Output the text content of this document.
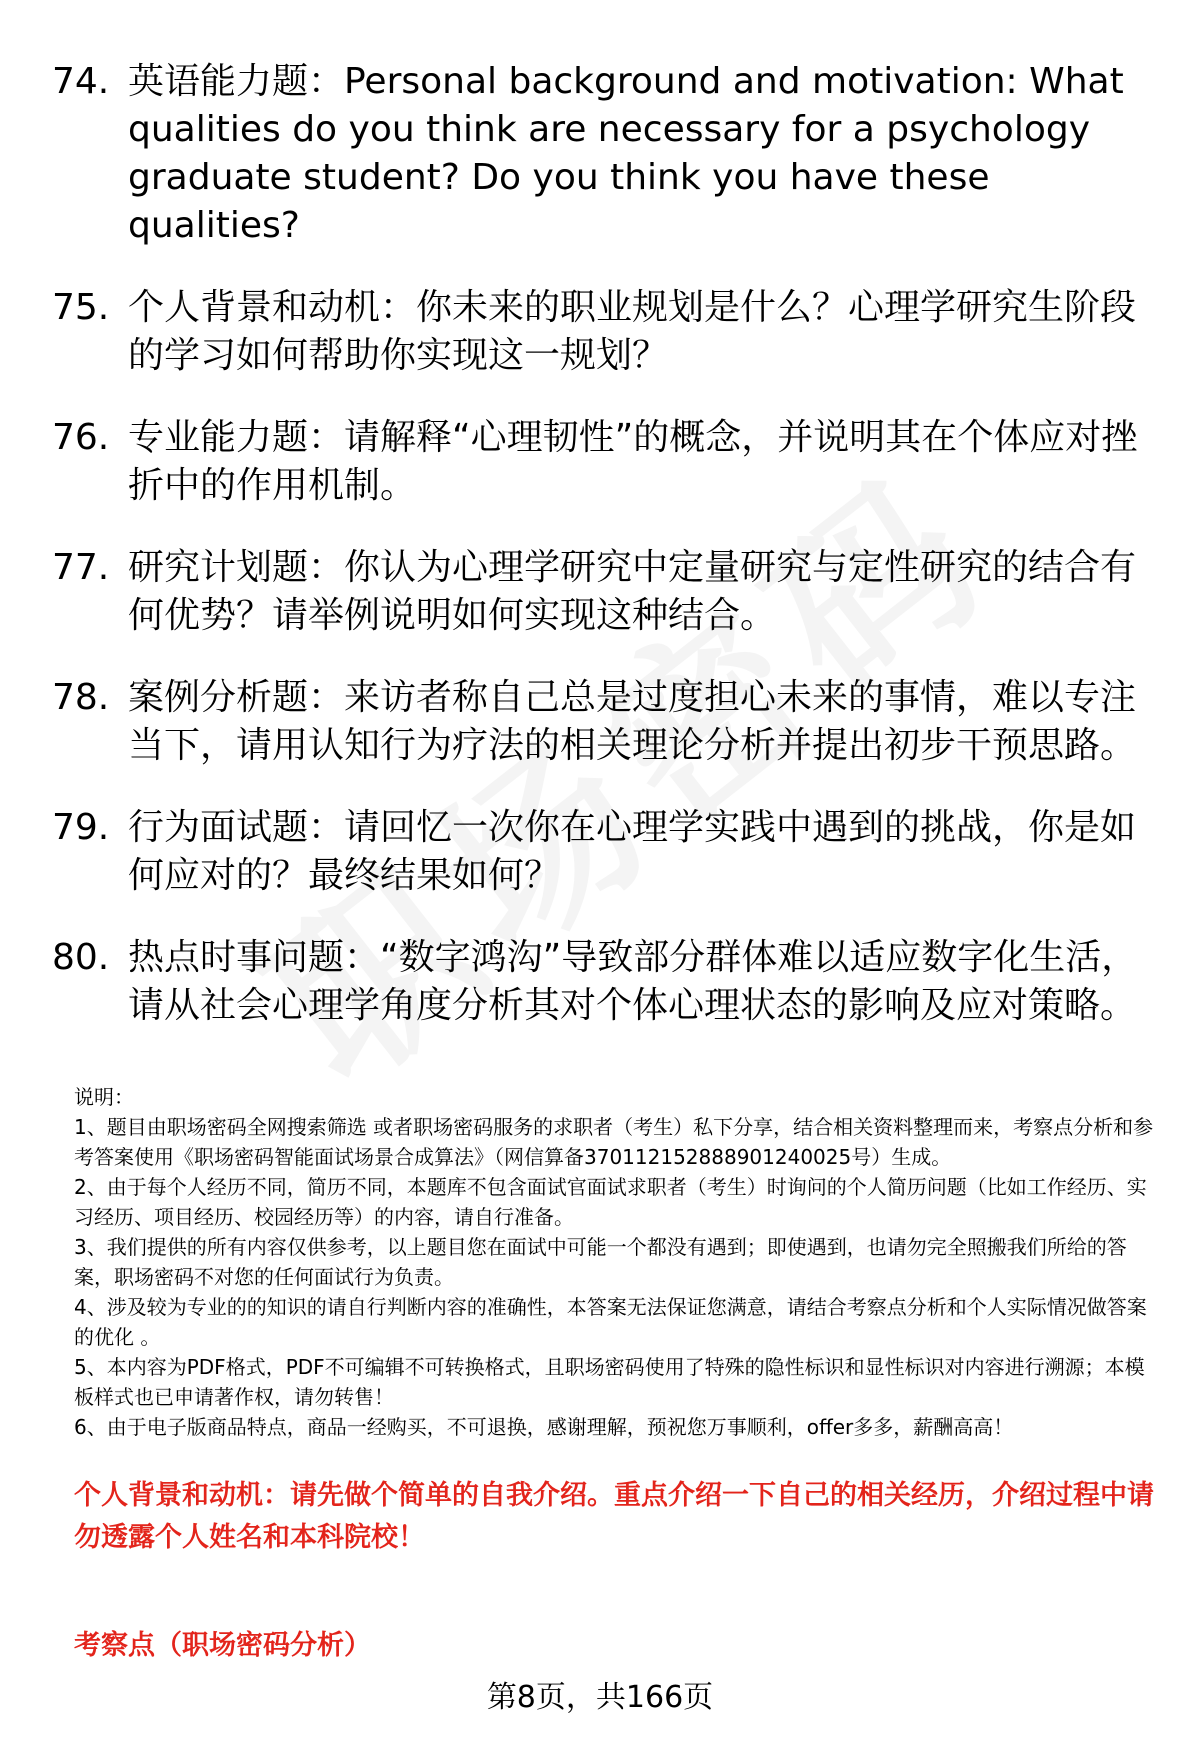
74. 英语能力题：Personal background and motivation: What qualities do you think are necessary for a psychology graduate student? Do you think you have these qualities?
75. 个人背景和动机：你未来的职业规划是什么？心理学研究生阶段的学习如何帮助你实现这一规划？
76. 专业能力题：请解释“心理韧性”的概念，并说明其在个体应对挫折中的作用机制。
77. 研究计划题：你认为心理学研究中定量研究与定性研究的结合有何优势？请举例说明如何实现这种结合。
78. 案例分析题：来访者称自己总是过度担心未来的事情，难以专注当下，请用认知行为疗法的相关理论分析并提出初步干预思路。
79. 行为面试题：请回忆一次你在心理学实践中遇到的挑战，你是如何应对的？最终结果如何？
80. 热点时事问题：“数字鸿沟”导致部分群体难以适应数字化生活，请从社会心理学角度分析其对个体心理状态的影响及应对策略。

说明：

1、题目由职场密码全网搜索筛选 或者职场密码服务的求职者（考生）私下分享，结合相关资料整理而来，考察点分析和参考答案使用《职场密码智能面试场景合成算法》（网信算备370112152888901240025号）生成。

2、由于每个人经历不同，简历不同，本题库不包含面试官面试求职者（考生）时询问的个人简历问题（比如工作经历、实习经历、项目经历、校园经历等）的内容，请自行准备。

3、我们提供的所有内容仅供参考，以上题目您在面试中可能一个都没有遇到；即使遇到，也请勿完全照搬我们所给的答案，职场密码不对您的任何面试行为负责。

4、涉及较为专业的的知识的请自行判断内容的准确性，本答案无法保证您满意，请结合考察点分析和个人实际情况做答案的优化 。

5、本内容为PDF格式，PDF不可编辑不可转换格式，且职场密码使用了特殊的隐性标识和显性标识对内容进行溯源；本模板样式也已申请著作权，请勿转售！

6、由于电子版商品特点，商品一经购买，不可退换，感谢理解，预祝您万事顺利，offer多多，薪酬高高！

个人背景和动机：请先做个简单的自我介绍。重点介绍一下自己的相关经历，介绍过程中请勿透露个人姓名和本科院校！
考察点（职场密码分析）
第8页，共166页
